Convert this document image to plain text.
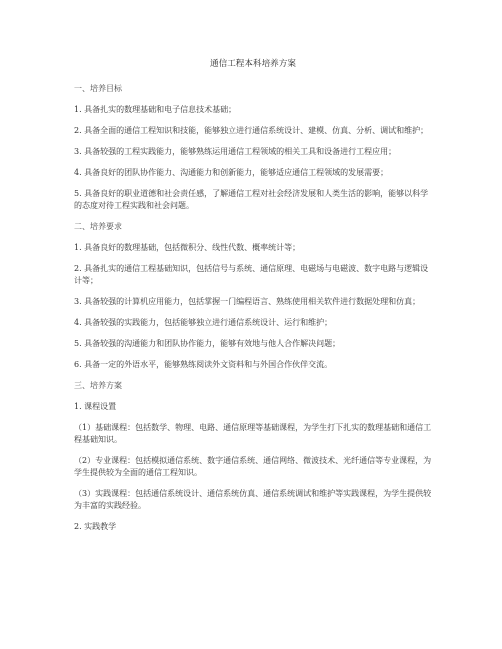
通信工程本科培养方案
一、培养目标
1. 具备扎实的数理基础和电子信息技术基础；
2. 具备全面的通信工程知识和技能，能够独立进行通信系统设计、建模、仿真、分析、调试和维护；
3. 具备较强的工程实践能力，能够熟练运用通信工程领域的相关工具和设备进行工程应用；
4. 具备良好的团队协作能力、沟通能力和创新能力，能够适应通信工程领域的发展需要；
5. 具备良好的职业道德和社会责任感，了解通信工程对社会经济发展和人类生活的影响，能够以科学的态度对待工程实践和社会问题。
二、培养要求
1. 具备良好的数理基础，包括微积分、线性代数、概率统计等；
2. 具备扎实的通信工程基础知识，包括信号与系统、通信原理、电磁场与电磁波、数字电路与逻辑设计等；
3. 具备较强的计算机应用能力，包括掌握一门编程语言、熟练使用相关软件进行数据处理和仿真；
4. 具备较强的实践能力，包括能够独立进行通信系统设计、运行和维护；
5. 具备较强的沟通能力和团队协作能力，能够有效地与他人合作解决问题；
6. 具备一定的外语水平，能够熟练阅读外文资料和与外国合作伙伴交流。
三、培养方案
1. 课程设置
（1）基础课程：包括数学、物理、电路、通信原理等基础课程，为学生打下扎实的数理基础和通信工程基础知识。
（2）专业课程：包括模拟通信系统、数字通信系统、通信网络、微波技术、光纤通信等专业课程，为学生提供较为全面的通信工程知识。
（3）实践课程：包括通信系统设计、通信系统仿真、通信系统调试和维护等实践课程，为学生提供较为丰富的实践经验。
2. 实践教学
